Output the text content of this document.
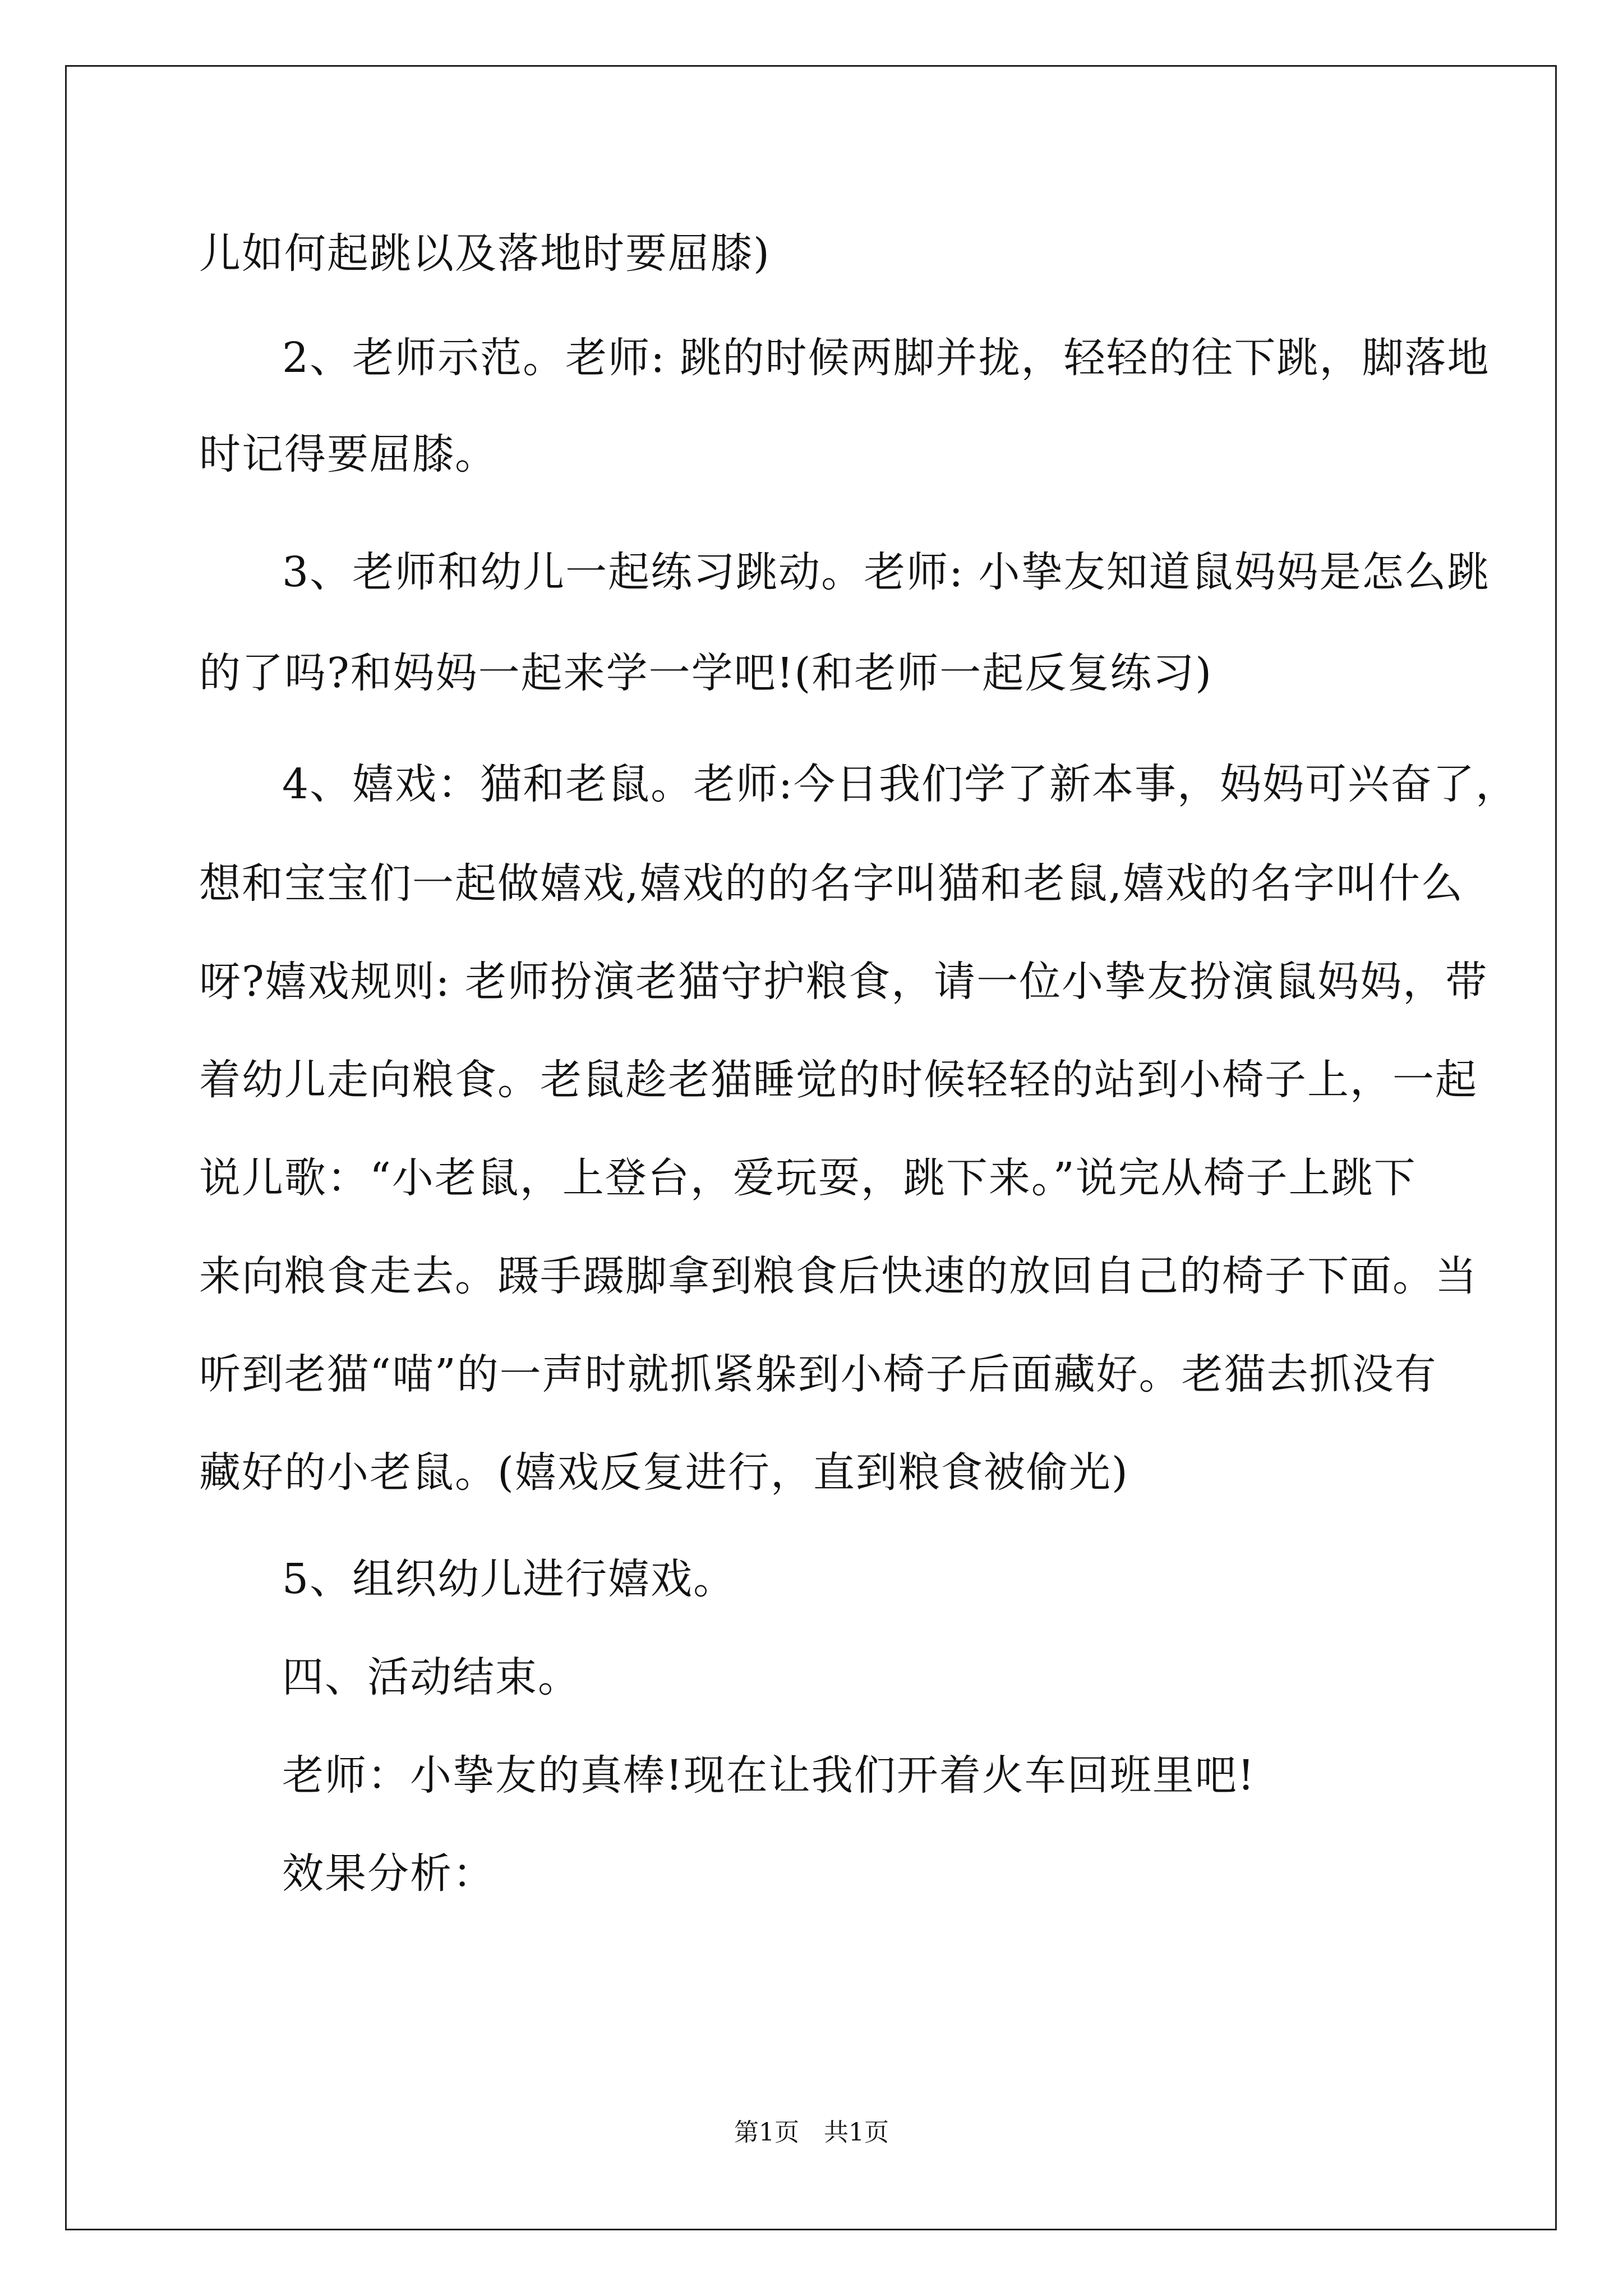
儿如何起跳以及落地时要屈膝)
2、老师示范。老师: 跳的时候两脚并拢，轻轻的往下跳，脚落地
时记得要屈膝。
3、老师和幼儿一起练习跳动。老师: 小挚友知道鼠妈妈是怎么跳
的了吗?和妈妈一起来学一学吧!(和老师一起反复练习)
4、嬉戏：猫和老鼠。老师:今日我们学了新本事，妈妈可兴奋了，
想和宝宝们一起做嬉戏,嬉戏的的名字叫猫和老鼠,嬉戏的名字叫什么
呀?嬉戏规则: 老师扮演老猫守护粮食，请一位小挚友扮演鼠妈妈，带
着幼儿走向粮食。老鼠趁老猫睡觉的时候轻轻的站到小椅子上，一起
说儿歌：“小老鼠，上登台，爱玩耍，跳下来。”说完从椅子上跳下
来向粮食走去。蹑手蹑脚拿到粮食后快速的放回自己的椅子下面。当
听到老猫“喵”的一声时就抓紧躲到小椅子后面藏好。老猫去抓没有
藏好的小老鼠。(嬉戏反复进行，直到粮食被偷光)
5、组织幼儿进行嬉戏。
四、活动结束。
老师：小挚友的真棒!现在让我们开着火车回班里吧!
效果分析：
第1页　共1页
